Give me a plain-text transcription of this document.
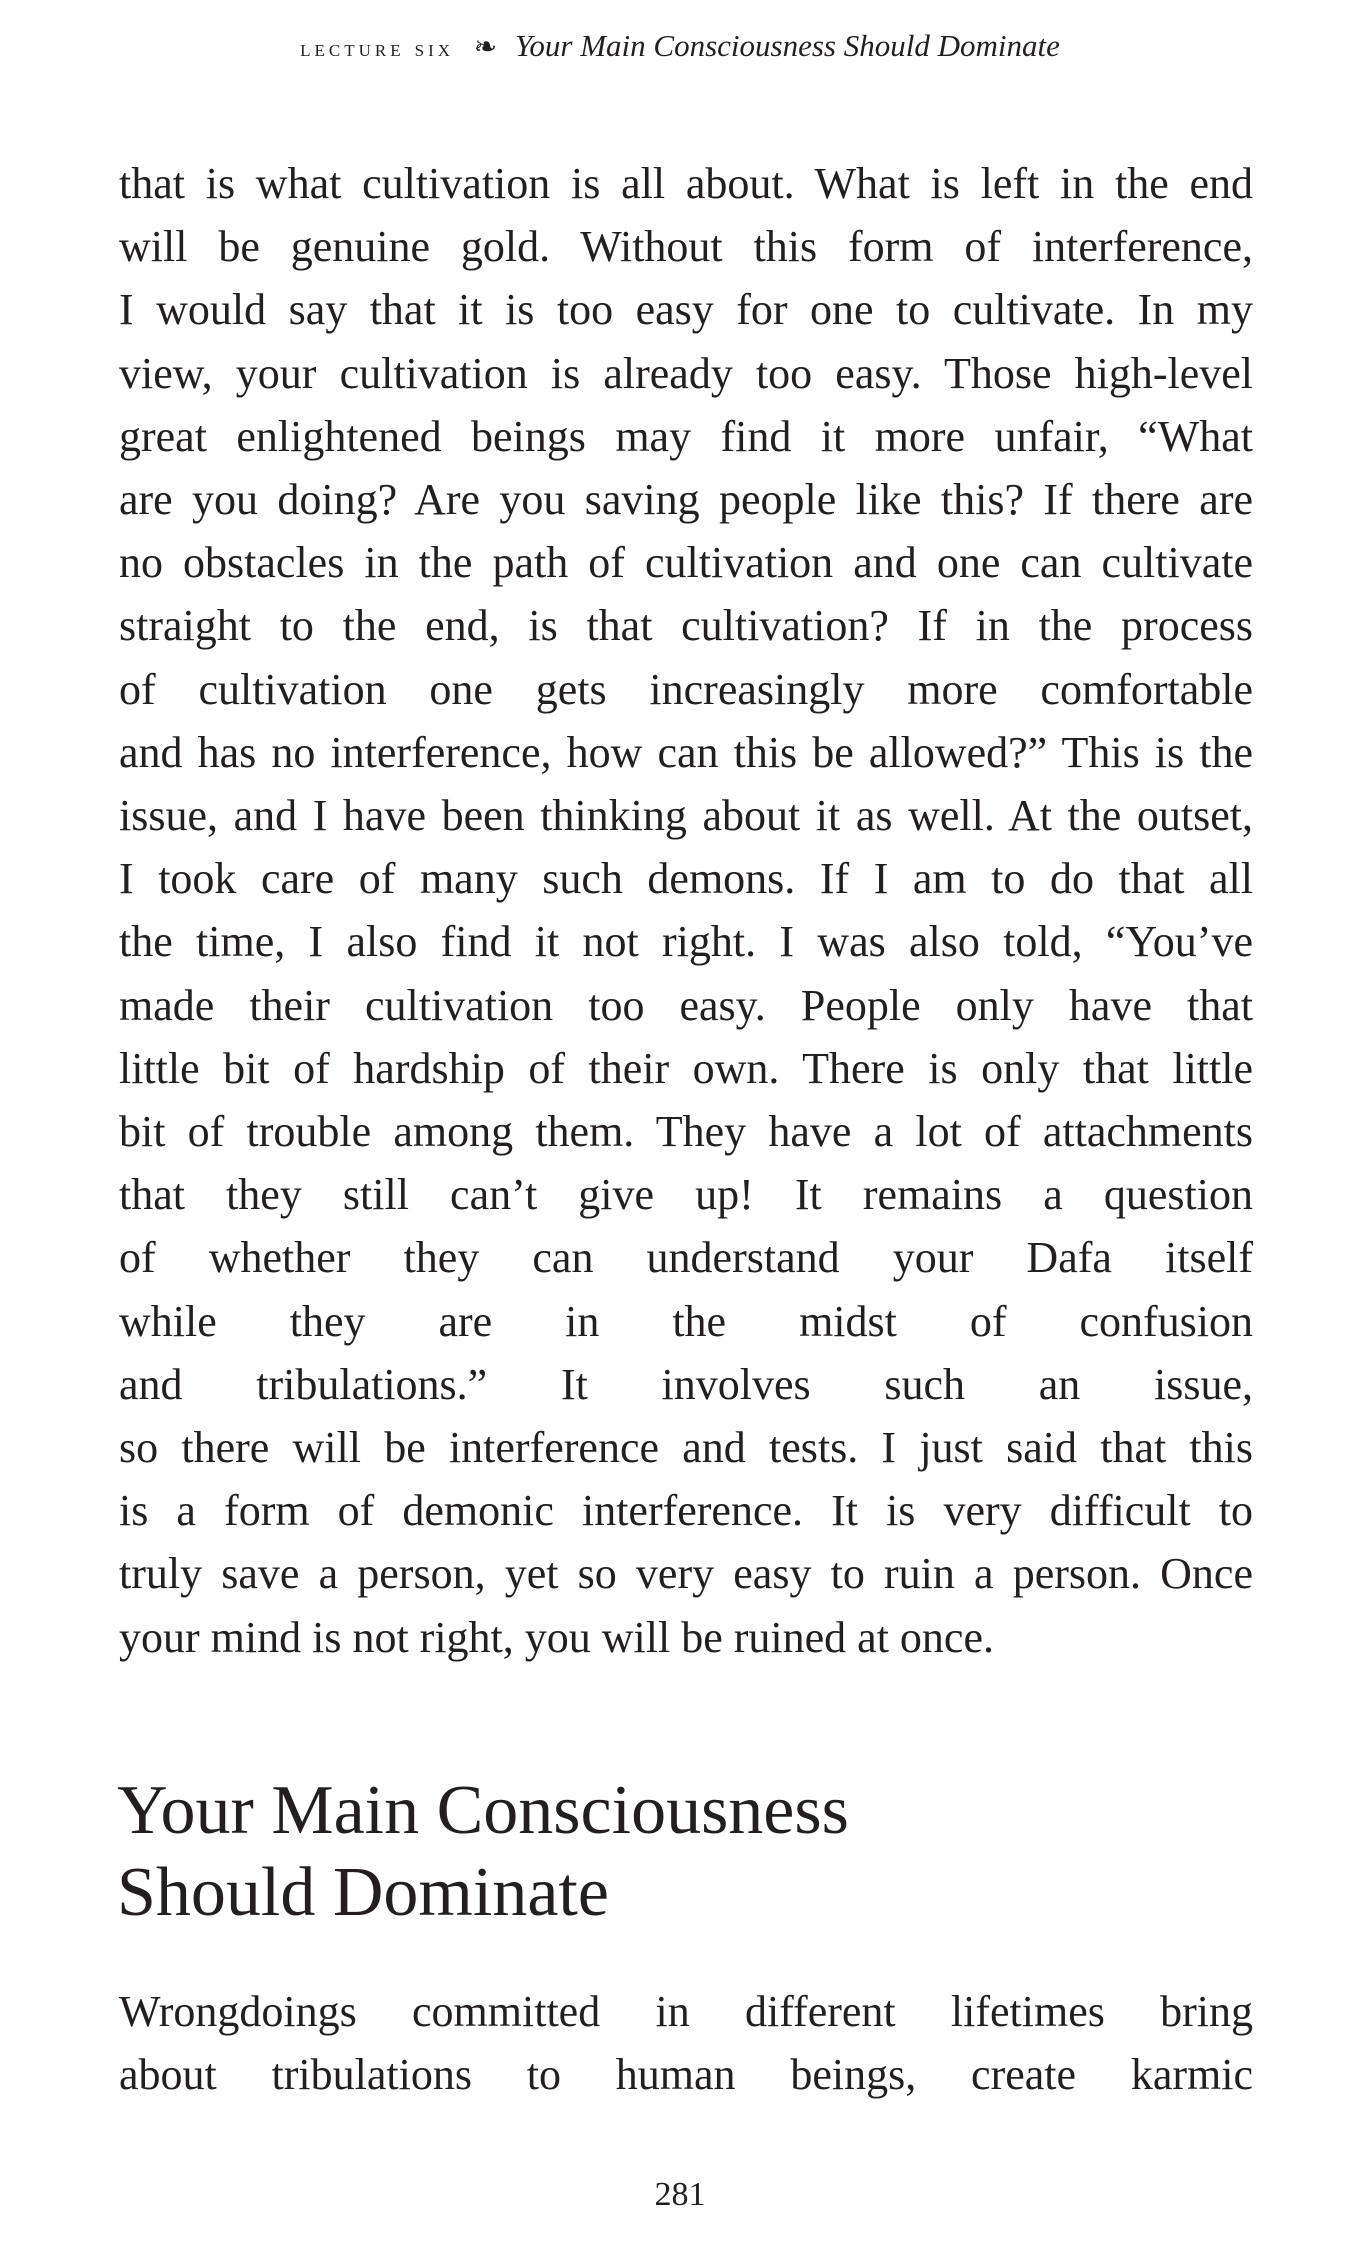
lecture six ❧ Your Main Consciousness Should Dominate
that is what cultivation is all about. What is left in the end
will be genuine gold. Without this form of interference,
I would say that it is too easy for one to cultivate. In my
view, your cultivation is already too easy. Those high-level
great enlightened beings may find it more unfair, “What
are you doing? Are you saving people like this? If there are
no obstacles in the path of cultivation and one can cultivate
straight to the end, is that cultivation? If in the process
of cultivation one gets increasingly more comfortable
and has no interference, how can this be allowed?” This is the
issue, and I have been thinking about it as well. At the outset,
I took care of many such demons. If I am to do that all
the time, I also find it not right. I was also told, “You’ve
made their cultivation too easy. People only have that
little bit of hardship of their own. There is only that little
bit of trouble among them. They have a lot of attachments
that they still can’t give up! It remains a question
of whether they can understand your Dafa itself
while they are in the midst of confusion
and tribulations.” It involves such an issue,
so there will be interference and tests. I just said that this
is a form of demonic interference. It is very difficult to
truly save a person, yet so very easy to ruin a person. Once
your mind is not right, you will be ruined at once.
Your Main Consciousness
Should Dominate
Wrongdoings committed in different lifetimes bring
about tribulations to human beings, create karmic
281
